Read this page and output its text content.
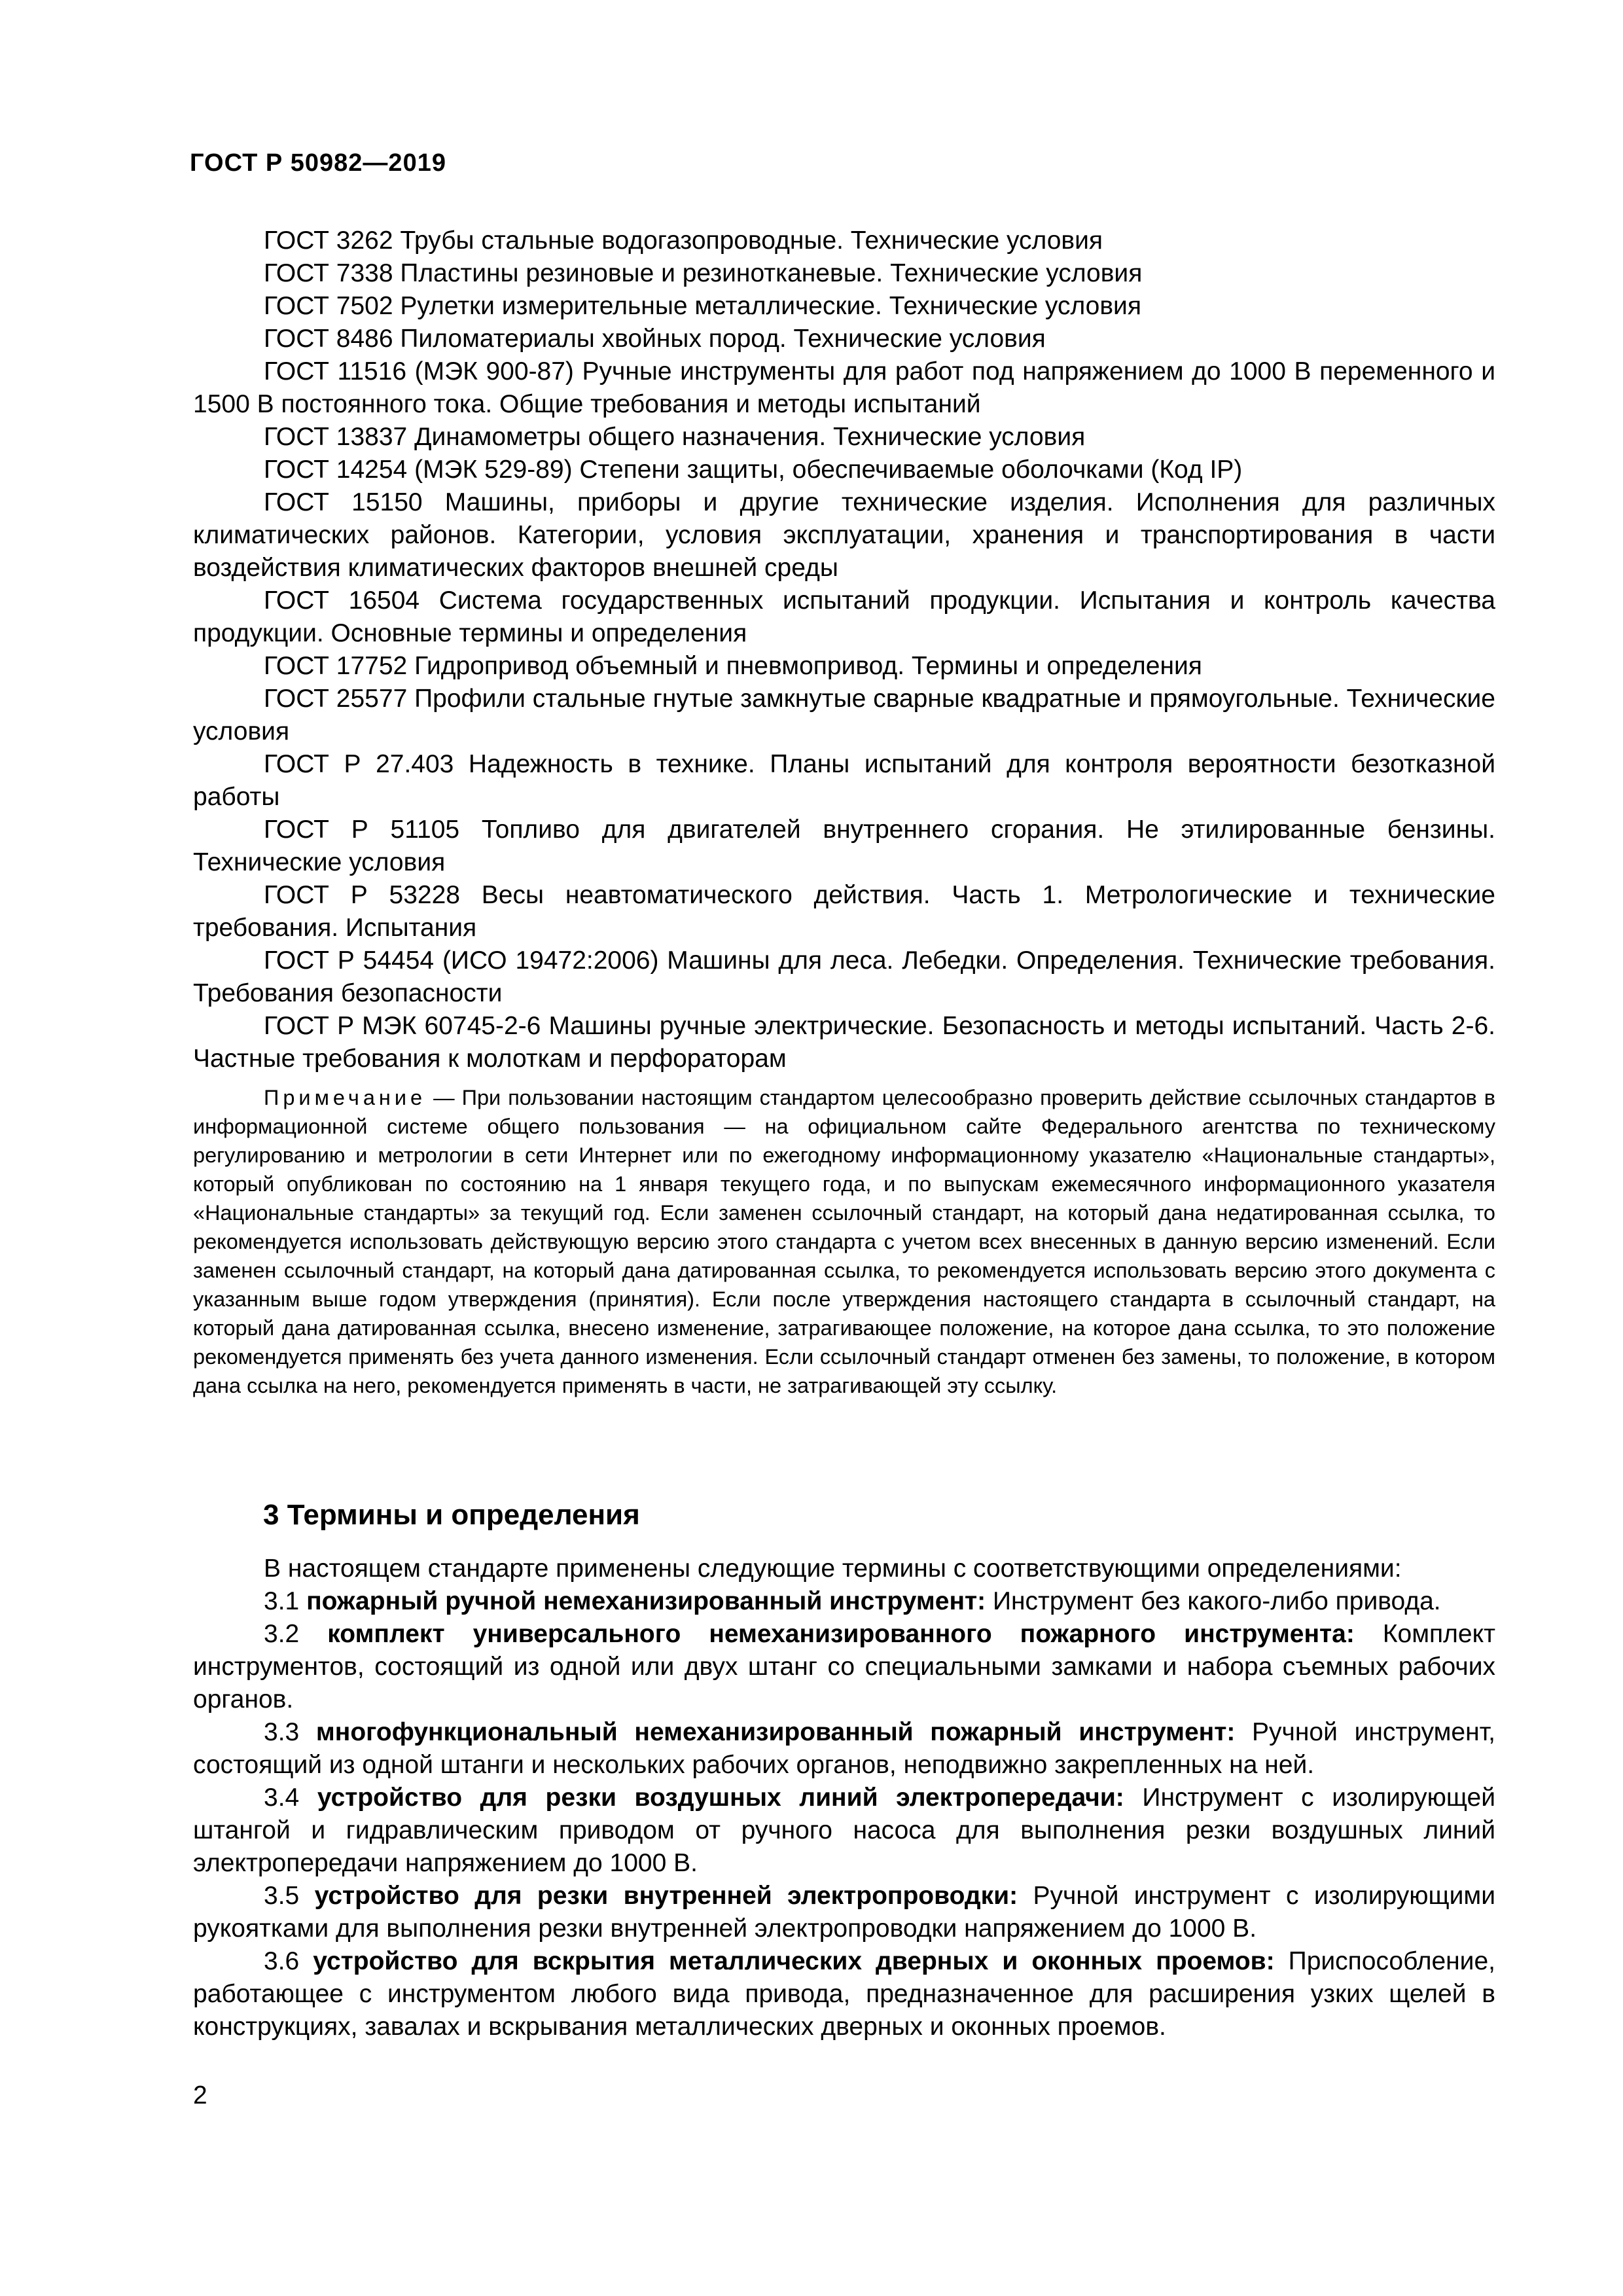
ГОСТ Р 50982—2019

ГОСТ 3262 Трубы стальные водогазопроводные. Технические условия

ГОСТ 7338 Пластины резиновые и резинотканевые. Технические условия

ГОСТ 7502 Рулетки измерительные металлические. Технические условия

ГОСТ 8486 Пиломатериалы хвойных пород. Технические условия

ГОСТ 11516 (МЭК 900-87) Ручные инструменты для работ под напряжением до 1000 В переменного и 1500 В постоянного тока. Общие требования и методы испытаний

ГОСТ 13837 Динамометры общего назначения. Технические условия

ГОСТ 14254 (МЭК 529-89) Степени защиты, обеспечиваемые оболочками (Код IP)

ГОСТ 15150 Машины, приборы и другие технические изделия. Исполнения для различных климатических районов. Категории, условия эксплуатации, хранения и транспортирования в части воздействия климатических факторов внешней среды

ГОСТ 16504 Система государственных испытаний продукции. Испытания и контроль качества продукции. Основные термины и определения

ГОСТ 17752 Гидропривод объемный и пневмопривод. Термины и определения

ГОСТ 25577 Профили стальные гнутые замкнутые сварные квадратные и прямоугольные. Технические условия

ГОСТ Р 27.403 Надежность в технике. Планы испытаний для контроля вероятности безотказной работы

ГОСТ Р 51105 Топливо для двигателей внутреннего сгорания. Не этилированные бензины. Технические условия

ГОСТ Р 53228 Весы неавтоматического действия. Часть 1. Метрологические и технические требования. Испытания

ГОСТ Р 54454 (ИСО 19472:2006) Машины для леса. Лебедки. Определения. Технические требования. Требования безопасности

ГОСТ Р МЭК 60745-2-6 Машины ручные электрические. Безопасность и методы испытаний. Часть 2-6. Частные требования к молоткам и перфораторам

Примечание — При пользовании настоящим стандартом целесообразно проверить действие ссылочных стандартов в информационной системе общего пользования — на официальном сайте Федерального агентства по техническому регулированию и метрологии в сети Интернет или по ежегодному информационному указателю «Национальные стандарты», который опубликован по состоянию на 1 января текущего года, и по выпускам ежемесячного информационного указателя «Национальные стандарты» за текущий год. Если заменен ссылочный стандарт, на который дана недатированная ссылка, то рекомендуется использовать действующую версию этого стандарта с учетом всех внесенных в данную версию изменений. Если заменен ссылочный стандарт, на который дана датированная ссылка, то рекомендуется использовать версию этого документа с указанным выше годом утверждения (принятия). Если после утверждения настоящего стандарта в ссылочный стандарт, на который дана датированная ссылка, внесено изменение, затрагивающее положение, на которое дана ссылка, то это положение рекомендуется применять без учета данного изменения. Если ссылочный стандарт отменен без замены, то положение, в котором дана ссылка на него, рекомендуется применять в части, не затрагивающей эту ссылку.

3 Термины и определения

В настоящем стандарте применены следующие термины с соответствующими определениями:

3.1 пожарный ручной немеханизированный инструмент: Инструмент без какого-либо привода.

3.2 комплект универсального немеханизированного пожарного инструмента: Комплект инструментов, состоящий из одной или двух штанг со специальными замками и набора съемных рабочих органов.

3.3 многофункциональный немеханизированный пожарный инструмент: Ручной инструмент, состоящий из одной штанги и нескольких рабочих органов, неподвижно закрепленных на ней.

3.4 устройство для резки воздушных линий электропередачи: Инструмент с изолирующей штангой и гидравлическим приводом от ручного насоса для выполнения резки воздушных линий электропередачи напряжением до 1000 В.

3.5 устройство для резки внутренней электропроводки: Ручной инструмент с изолирующими рукоятками для выполнения резки внутренней электропроводки напряжением до 1000 В.

3.6 устройство для вскрытия металлических дверных и оконных проемов: Приспособление, работающее с инструментом любого вида привода, предназначенное для расширения узких щелей в конструкциях, завалах и вскрывания металлических дверных и оконных проемов.

2
